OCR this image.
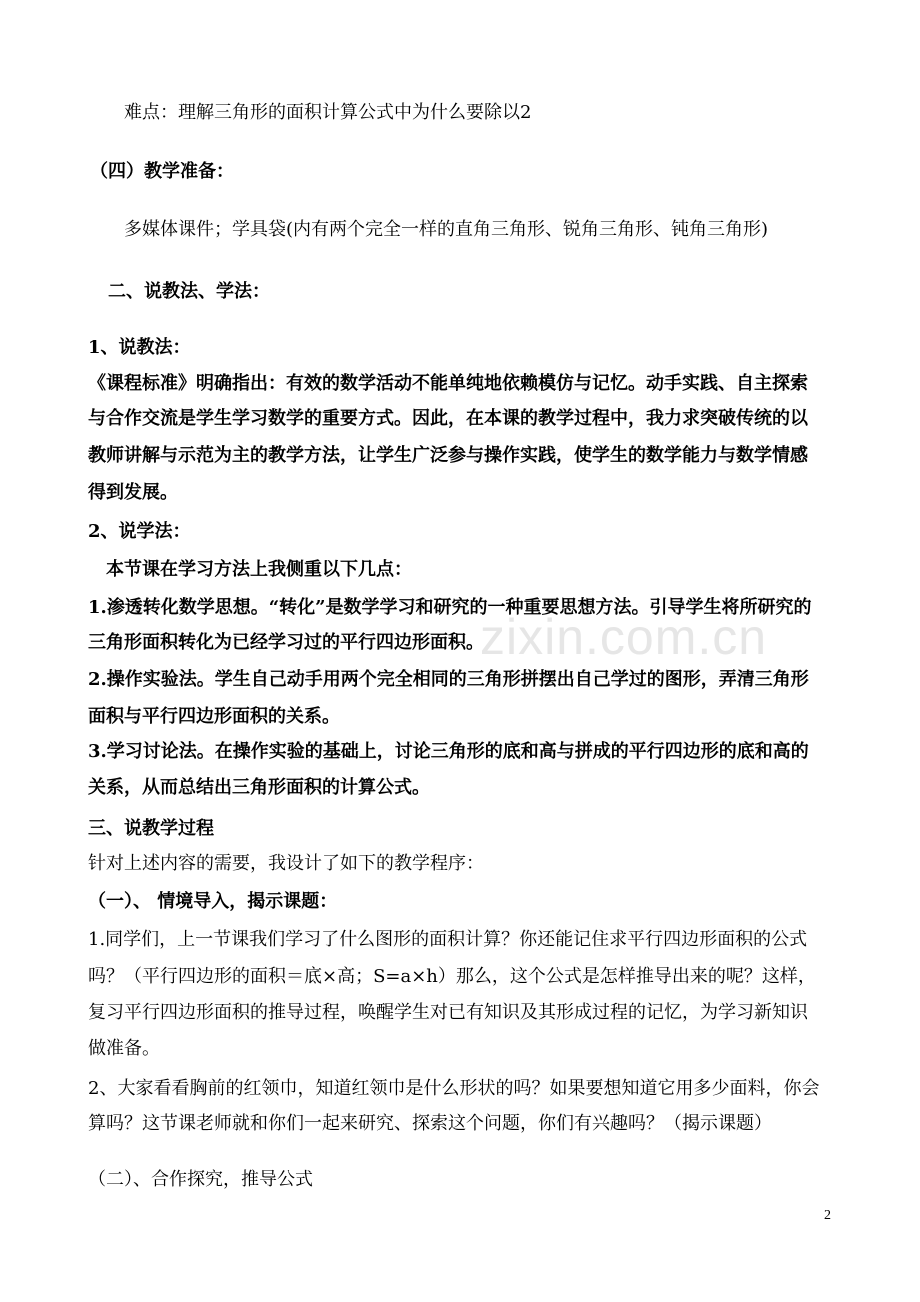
zixin.com.cn
难点：理解三角形的面积计算公式中为什么要除以2
（四）教学准备：
多媒体课件；学具袋(内有两个完全一样的直角三角形、锐角三角形、钝角三角形)
二、说教法、学法：
1、说教法：
《课程标准》明确指出：有效的数学活动不能单纯地依赖模仿与记忆。动手实践、自主探索
与合作交流是学生学习数学的重要方式。因此，在本课的教学过程中，我力求突破传统的以
教师讲解与示范为主的教学方法，让学生广泛参与操作实践，使学生的数学能力与数学情感
得到发展。
2、说学法：
本节课在学习方法上我侧重以下几点：
1.渗透转化数学思想。“转化”是数学学习和研究的一种重要思想方法。引导学生将所研究的
三角形面积转化为已经学习过的平行四边形面积。
2.操作实验法。学生自己动手用两个完全相同的三角形拼摆出自己学过的图形，弄清三角形
面积与平行四边形面积的关系。
3.学习讨论法。在操作实验的基础上，讨论三角形的底和高与拼成的平行四边形的底和高的
关系，从而总结出三角形面积的计算公式。
三、说教学过程
针对上述内容的需要，我设计了如下的教学程序：
（一）、 情境导入，揭示课题：
1.同学们，上一节课我们学习了什么图形的面积计算？你还能记住求平行四边形面积的公式
吗？（平行四边形的面积＝底×高；S=a×h）那么，这个公式是怎样推导出来的呢？这样，
复习平行四边形面积的推导过程，唤醒学生对已有知识及其形成过程的记忆，为学习新知识
做准备。
2、大家看看胸前的红领巾，知道红领巾是什么形状的吗？如果要想知道它用多少面料，你会
算吗？这节课老师就和你们一起来研究、探索这个问题，你们有兴趣吗？（揭示课题）
（二）、合作探究，推导公式
2
